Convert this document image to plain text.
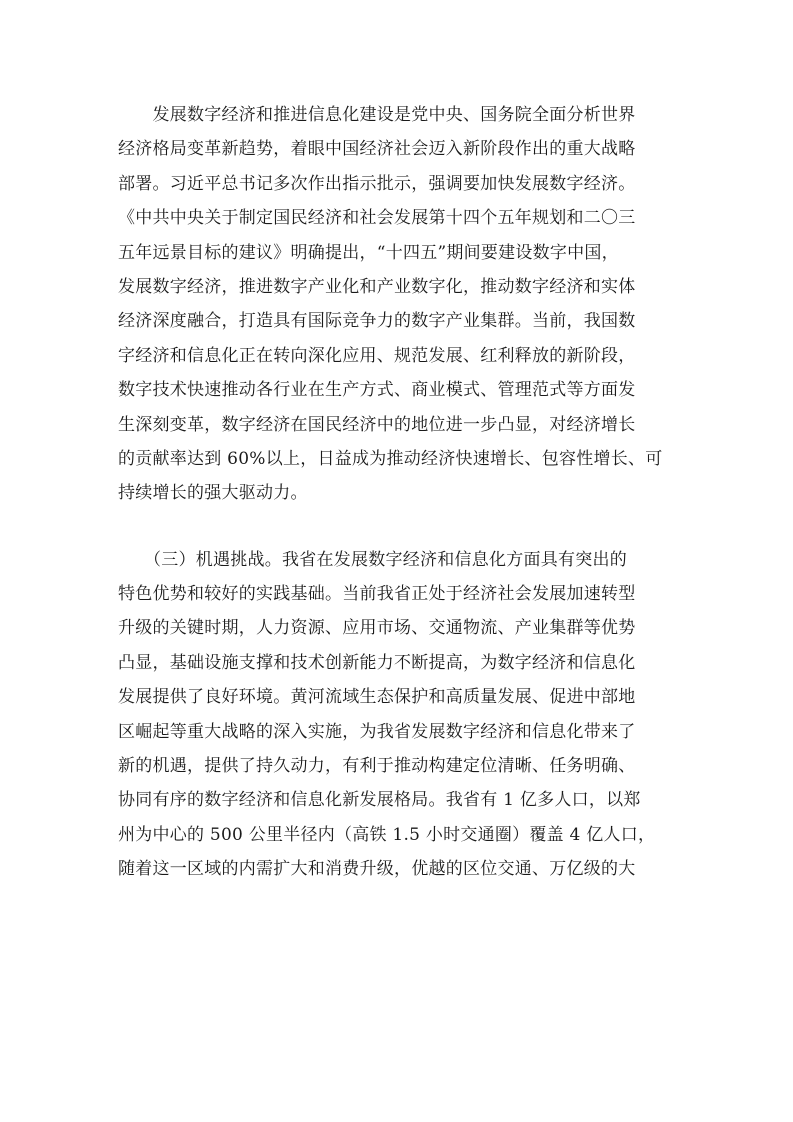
　　发展数字经济和推进信息化建设是党中央、国务院全面分析世界
经济格局变革新趋势，着眼中国经济社会迈入新阶段作出的重大战略
部署。习近平总书记多次作出指示批示，强调要加快发展数字经济。
《中共中央关于制定国民经济和社会发展第十四个五年规划和二〇三
五年远景目标的建议》明确提出，“十四五”期间要建设数字中国，
发展数字经济，推进数字产业化和产业数字化，推动数字经济和实体
经济深度融合，打造具有国际竞争力的数字产业集群。当前，我国数
字经济和信息化正在转向深化应用、规范发展、红利释放的新阶段，
数字技术快速推动各行业在生产方式、商业模式、管理范式等方面发
生深刻变革，数字经济在国民经济中的地位进一步凸显，对经济增长
的贡献率达到 60%以上，日益成为推动经济快速增长、包容性增长、可
持续增长的强大驱动力。
　　（三）机遇挑战。我省在发展数字经济和信息化方面具有突出的
特色优势和较好的实践基础。当前我省正处于经济社会发展加速转型
升级的关键时期，人力资源、应用市场、交通物流、产业集群等优势
凸显，基础设施支撑和技术创新能力不断提高，为数字经济和信息化
发展提供了良好环境。黄河流域生态保护和高质量发展、促进中部地
区崛起等重大战略的深入实施，为我省发展数字经济和信息化带来了
新的机遇，提供了持久动力，有利于推动构建定位清晰、任务明确、
协同有序的数字经济和信息化新发展格局。我省有 1 亿多人口，以郑
州为中心的 500 公里半径内（高铁 1.5 小时交通圈）覆盖 4 亿人口，
随着这一区域的内需扩大和消费升级，优越的区位交通、万亿级的大
